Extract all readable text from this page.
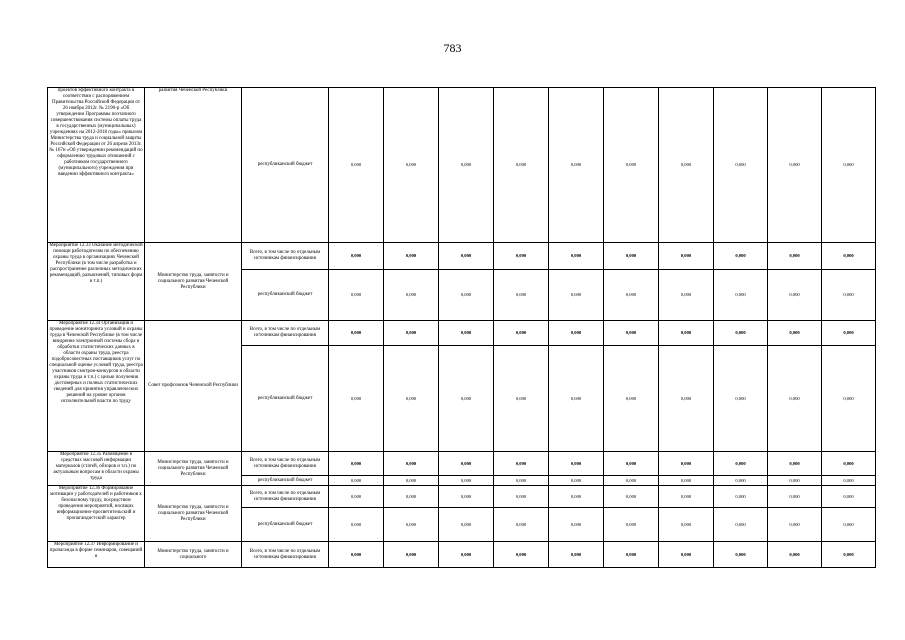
783
проектов эффективного контракта в соответствии с распоряжением Правительства Российской Федерации от 26 ноября 2012г. № 2190-р «Об утверждении Программы поэтапного совершенствования системы оплаты труда в государственных (муниципальных) учреждениях на 2012-2018 годы» приказом Министерства труда и социальной защиты Российской Федерации от 26 апреля 2013г. № 167н «Об утверждении рекомендаций по оформлению трудовых отношений с работником государственного (муниципального) учреждения при введении эффективного контракта»	развития Чеченской Республики	республиканский бюджет	0,000	0,000	0,000	0,000	0,000	0,000	0,000	0,000	0,000	0,000
Мероприятие 12.33 Оказание методической помощи работодателям по обеспечению охраны труда в организациях Чеченской Республики (в том числе разработка и распространение различных методических рекомендаций, разъяснений, типовых форм и т.п.)	Министерство труда, занятости и социального развития Чеченской Республики	Всего, в том числе по отдельным источникам финансирования	0,000	0,000	0,000	0,000	0,000	0,000	0,000	0,000	0,000	0,000
		республиканский бюджет	0,000	0,000	0,000	0,000	0,000	0,000	0,000	0,000	0,000	0,000
Мероприятие 12.34 Организация и проведение мониторинга условий и охраны труда в Чеченской Республике (в том числе внедрение электронной системы сбора и обработки статистических данных в области охраны труда, реестра подобросовестных поставщиков услуг по специальной оценке условий труда, реестра участников смотров-конкурсов в области охраны труда и т.п.) с целью получения достоверных и полных статистических сведений для принятия управленческих решений на уровне органов исполнительной власти по труду	Совет профсоюзов Чеченской Республики	Всего, в том числе по отдельным источникам финансирования	0,000	0,000	0,000	0,000	0,000	0,000	0,000	0,000	0,000	0,000
		республиканский бюджет	0,000	0,000	0,000	0,000	0,000	0,000	0,000	0,000	0,000	0,000
Мероприятие 12.35 Размещение в средствах массовой информации материалов (статей, обзоров и т.п.) по актуальным вопросам в области охраны труда	Министерство труда, занятости и социального развития Чеченской Республики	Всего, в том числе по отдельным источникам финансирования	0,000	0,000	0,000	0,000	0,000	0,000	0,000	0,000	0,000	0,000
		республиканский бюджет	0,000	0,000	0,000	0,000	0,000	0,000	0,000	0,000	0,000	0,000
Мероприятие 12.36 Формирование мотивации у работодателей и работников к безопасному труду, посредством проведения мероприятий, носящих информационно-просветительский и пропагандистский характер	Министерство труда, занятости и социального развития Чеченской Республики	Всего, в том числе по отдельным источникам финансирования	0,000	0,000	0,000	0,000	0,000	0,000	0,000	0,000	0,000	0,000
		республиканский бюджет	0,000	0,000	0,000	0,000	0,000	0,000	0,000	0,000	0,000	0,000
Мероприятие 12.37 Информирование и пропаганда в форме семинаров, совещаний и	Министерство труда, занятости и социального	Всего, в том числе по отдельным источникам финансирования	0,000	0,000	0,000	0,000	0,000	0,000	0,000	0,000	0,000	0,000
